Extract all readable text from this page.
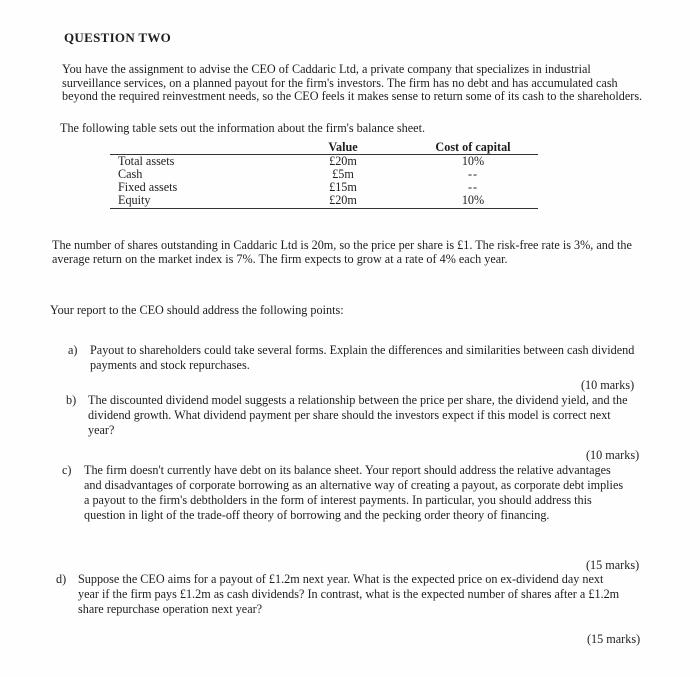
QUESTION TWO
You have the assignment to advise the CEO of Caddaric Ltd, a private company that specializes in industrial surveillance services, on a planned payout for the firm's investors. The firm has no debt and has accumulated cash beyond the required reinvestment needs, so the CEO feels it makes sense to return some of its cash to the shareholders.
The following table sets out the information about the firm's balance sheet.
	Value	Cost of capital
Total assets	£20m	10%
Cash	£5m	--
Fixed assets	£15m	--
Equity	£20m	10%
The number of shares outstanding in Caddaric Ltd is 20m, so the price per share is £1. The risk-free rate is 3%, and the average return on the market index is 7%. The firm expects to grow at a rate of 4% each year.
Your report to the CEO should address the following points:
a) Payout to shareholders could take several forms. Explain the differences and similarities between cash dividend payments and stock repurchases.
(10 marks)
b) The discounted dividend model suggests a relationship between the price per share, the dividend yield, and the dividend growth. What dividend payment per share should the investors expect if this model is correct next year?
(10 marks)
c) The firm doesn't currently have debt on its balance sheet. Your report should address the relative advantages and disadvantages of corporate borrowing as an alternative way of creating a payout, as corporate debt implies a payout to the firm's debtholders in the form of interest payments. In particular, you should address this question in light of the trade-off theory of borrowing and the pecking order theory of financing.
(15 marks)
d) Suppose the CEO aims for a payout of £1.2m next year. What is the expected price on ex-dividend day next year if the firm pays £1.2m as cash dividends? In contrast, what is the expected number of shares after a £1.2m share repurchase operation next year?
(15 marks)
